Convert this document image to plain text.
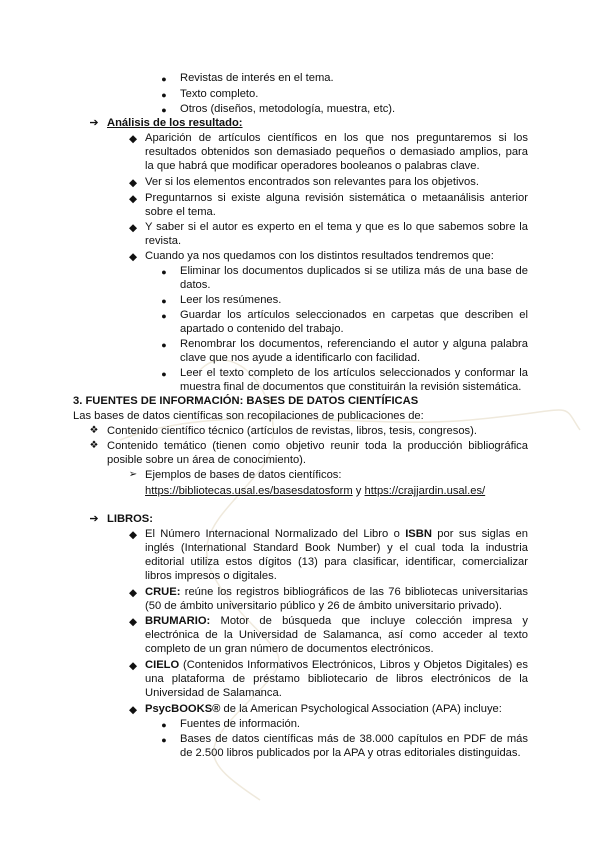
● Revistas de interés en el tema.
● Texto completo.
● Otros (diseños, metodología, muestra, etc).
➔ Análisis de los resultado:
◆ Aparición de artículos científicos en los que nos preguntaremos si los resultados obtenidos son demasiado pequeños o demasiado amplios, para la que habrá que modificar operadores booleanos o palabras clave.
◆ Ver si los elementos encontrados son relevantes para los objetivos.
◆ Preguntarnos si existe alguna revisión sistemática o metaanálisis anterior sobre el tema.
◆ Y saber si el autor es experto en el tema y que es lo que sabemos sobre la revista.
◆ Cuando ya nos quedamos con los distintos resultados tendremos que:
● Eliminar los documentos duplicados si se utiliza más de una base de datos.
● Leer los resúmenes.
● Guardar los artículos seleccionados en carpetas que describen el apartado o contenido del trabajo.
● Renombrar los documentos, referenciando el autor y alguna palabra clave que nos ayude a identificarlo con facilidad.
● Leer el texto completo de los artículos seleccionados y conformar la muestra final de documentos que constituirán la revisión sistemática.
3. FUENTES DE INFORMACIÓN: BASES DE DATOS CIENTÍFICAS
Las bases de datos científicas son recopilaciones de publicaciones de:
❖ Contenido científico técnico (artículos de revistas, libros, tesis, congresos).
❖ Contenido temático (tienen como objetivo reunir toda la producción bibliográfica posible sobre un área de conocimiento).
➢ Ejemplos de bases de datos científicos:
https://bibliotecas.usal.es/basesdatosform y https://crajjardin.usal.es/
➔ LIBROS:
◆ El Número Internacional Normalizado del Libro o ISBN por sus siglas en inglés (International Standard Book Number) y el cual toda la industria editorial utiliza estos dígitos (13) para clasificar, identificar, comercializar libros impresos o digitales.
◆ CRUE: reúne los registros bibliográficos de las 76 bibliotecas universitarias (50 de ámbito universitario público y 26 de ámbito universitario privado).
◆ BRUMARIO: Motor de búsqueda que incluye colección impresa y electrónica de la Universidad de Salamanca, así como acceder al texto completo de un gran número de documentos electrónicos.
◆ CIELO (Contenidos Informativos Electrónicos, Libros y Objetos Digitales) es una plataforma de préstamo bibliotecario de libros electrónicos de la Universidad de Salamanca.
◆ PsycBOOKS® de la American Psychological Association (APA) incluye:
● Fuentes de información.
● Bases de datos científicas más de 38.000 capítulos en PDF de más de 2.500 libros publicados por la APA y otras editoriales distinguidas.
